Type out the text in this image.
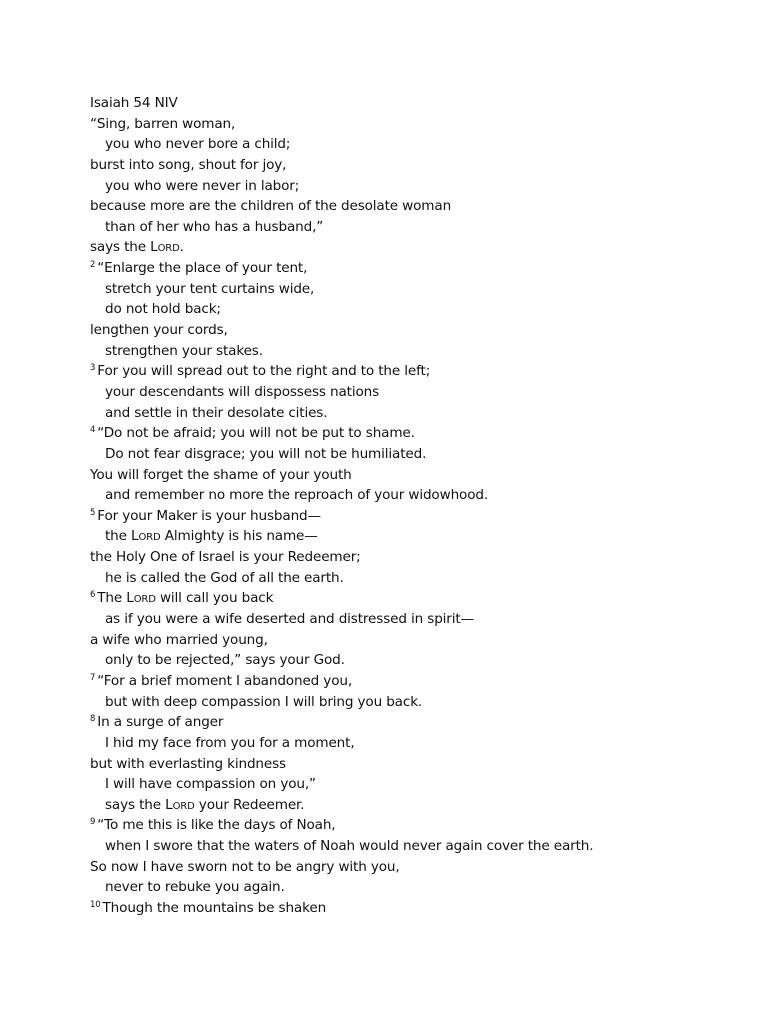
Isaiah 54 NIV
“Sing, barren woman,
you who never bore a child;
burst into song, shout for joy,
you who were never in labor;
because more are the children of the desolate woman
than of her who has a husband,”
says the Lord.
$^2$ “Enlarge the place of your tent,
stretch your tent curtains wide,
do not hold back;
lengthen your cords,
strengthen your stakes.
$^3$ For you will spread out to the right and to the left;
your descendants will dispossess nations
and settle in their desolate cities.
$^4$ “Do not be afraid; you will not be put to shame.
Do not fear disgrace; you will not be humiliated.
You will forget the shame of your youth
and remember no more the reproach of your widowhood.
$^5$ For your Maker is your husband—
the Lord Almighty is his name—
the Holy One of Israel is your Redeemer;
he is called the God of all the earth.
$^6$ The Lord will call you back
as if you were a wife deserted and distressed in spirit—
a wife who married young,
only to be rejected,” says your God.
$^7$ “For a brief moment I abandoned you,
but with deep compassion I will bring you back.
$^8$ In a surge of anger
I hid my face from you for a moment,
but with everlasting kindness
I will have compassion on you,”
says the Lord your Redeemer.
$^9$ “To me this is like the days of Noah,
when I swore that the waters of Noah would never again cover the earth.
So now I have sworn not to be angry with you,
never to rebuke you again.
$^{10}$ Though the mountains be shaken
